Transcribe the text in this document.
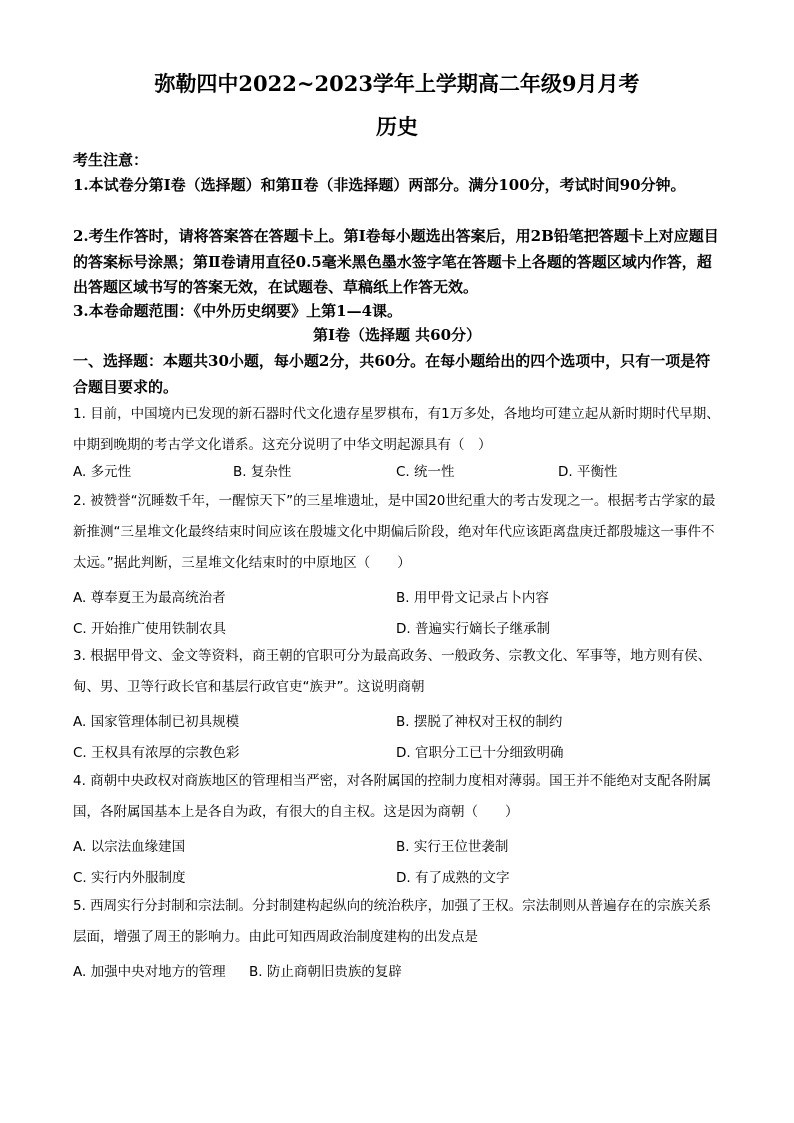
弥勒四中2022~2023学年上学期高二年级9月月考
历史
考生注意：
1.本试卷分第Ⅰ卷（选择题）和第Ⅱ卷（非选择题）两部分。满分100分，考试时间90分钟。
2.考生作答时，请将答案答在答题卡上。第Ⅰ卷每小题选出答案后，用2B铅笔把答题卡上对应题目的答案标号涂黑；第Ⅱ卷请用直径0.5毫米黑色墨水签字笔在答题卡上各题的答题区域内作答，超出答题区域书写的答案无效，在试题卷、草稿纸上作答无效。
3.本卷命题范围：《中外历史纲要》上第1—4课。
第Ⅰ卷（选择题 共60分）
一、选择题：本题共30小题，每小题2分，共60分。在每小题给出的四个选项中，只有一项是符合题目要求的。
1. 目前，中国境内已发现的新石器时代文化遗存星罗棋布，有1万多处，各地均可建立起从新时期时代早期、中期到晚期的考古学文化谱系。这充分说明了中华文明起源具有（　）
A. 多元性	B. 复杂性	C. 统一性	D. 平衡性
2. 被赞誉“沉睡数千年，一醒惊天下”的三星堆遗址，是中国20世纪重大的考古发现之一。根据考古学家的最新推测“三星堆文化最终结束时间应该在殷墟文化中期偏后阶段，绝对年代应该距离盘庚迁都殷墟这一事件不太远。”据此判断，三星堆文化结束时的中原地区（　　）
A. 尊奉夏王为最高统治者	B. 用甲骨文记录占卜内容
C. 开始推广使用铁制农具	D. 普遍实行嫡长子继承制
3. 根据甲骨文、金文等资料，商王朝的官职可分为最高政务、一般政务、宗教文化、军事等，地方则有侯、甸、男、卫等行政长官和基层行政官吏“族尹”。这说明商朝
A. 国家管理体制已初具规模	B. 摆脱了神权对王权的制约
C. 王权具有浓厚的宗教色彩	D. 官职分工已十分细致明确
4. 商朝中央政权对商族地区的管理相当严密，对各附属国的控制力度相对薄弱。国王并不能绝对支配各附属国，各附属国基本上是各自为政，有很大的自主权。这是因为商朝（　　）
A. 以宗法血缘建国	B. 实行王位世袭制
C. 实行内外服制度	D. 有了成熟的文字
5. 西周实行分封制和宗法制。分封制建构起纵向的统治秩序，加强了王权。宗法制则从普遍存在的宗族关系层面，增强了周王的影响力。由此可知西周政治制度建构的出发点是
A. 加强中央对地方的管理 B. 防止商朝旧贵族的复辟
